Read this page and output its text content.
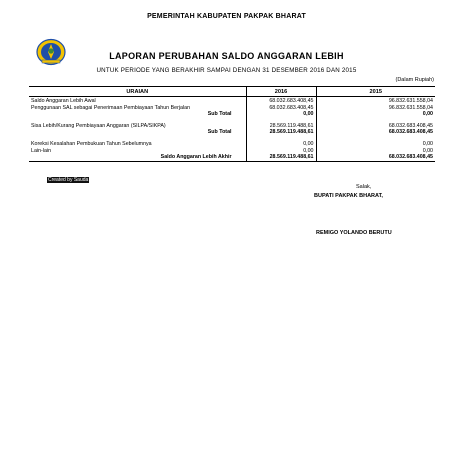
PEMERINTAH KABUPATEN PAKPAK BHARAT
LAPORAN PERUBAHAN SALDO ANGGARAN LEBIH
UNTUK PERIODE YANG BERAKHIR SAMPAI DENGAN 31 DESEMBER 2016 DAN 2015
(Dalam Rupiah)
URAIAN	2016	2015
Saldo Anggaran Lebih Awal	68.032.683.408,45	96.832.631.558,04
Penggunaan SAL sebagai Penerimaan Pembiayaan Tahun Berjalan	68.032.683.408,45	96.832.631.558,04
Sub Total	0,00	0,00

Sisa Lebih/Kurang Pembiayaan Anggaran (SILPA/SIKPA)	28.569.119.488,61	68.032.683.408,45
Sub Total	28.569.119.488,61	68.032.683.408,45

Koreksi Kesalahan Pembukuan Tahun Sebelumnya	0,00	0,00
Lain-lain	0,00	0,00
Saldo Anggaran Lebih Akhir	28.569.119.488,61	68.032.683.408,45
Created by Sauda
Salak,
BUPATI PAKPAK BHARAT,
REMIGO YOLANDO BERUTU
